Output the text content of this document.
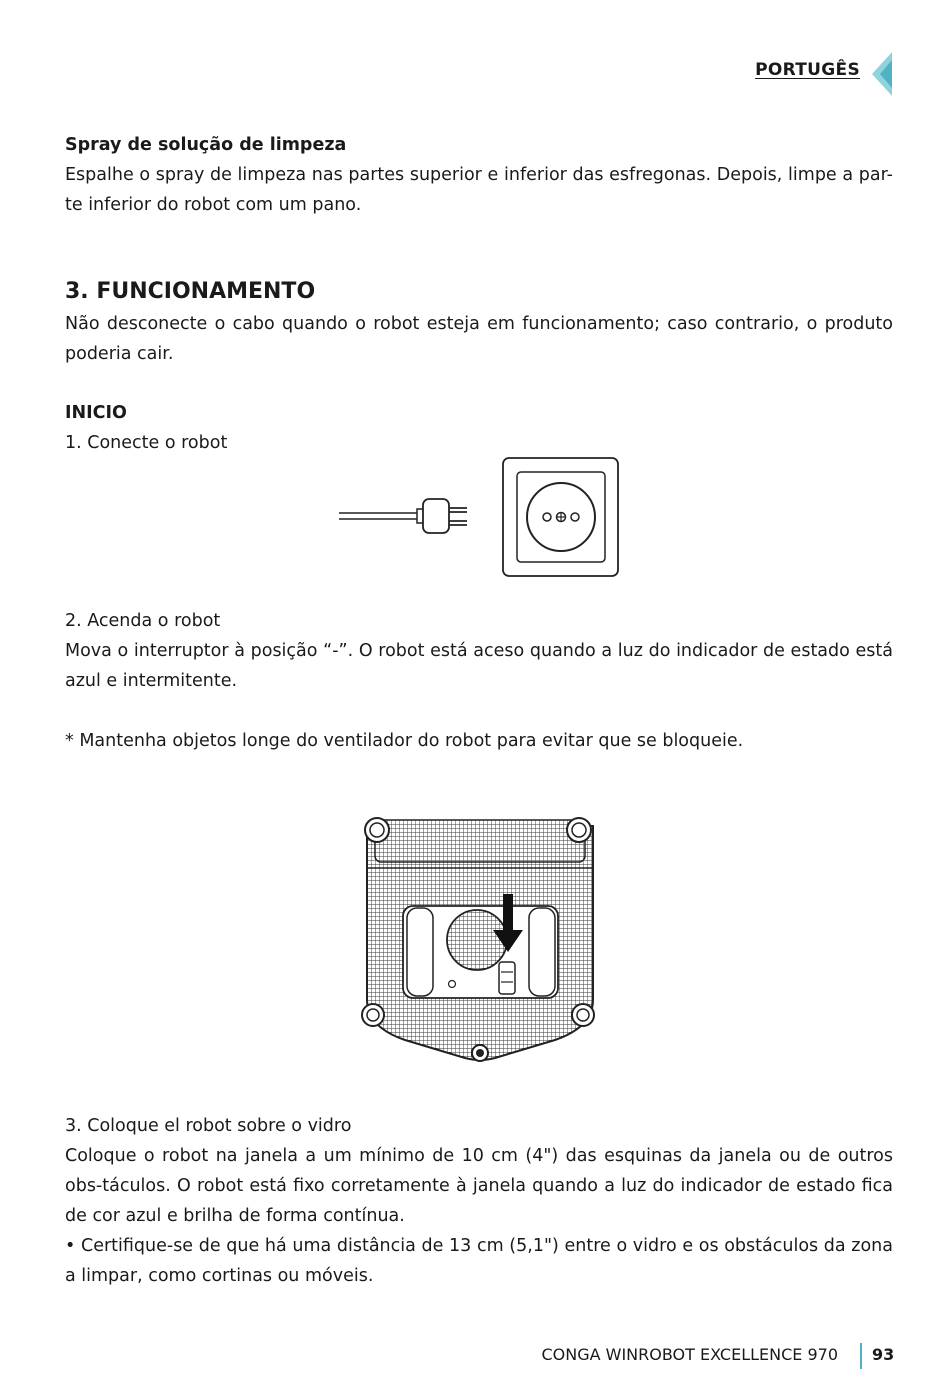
PORTUGÊS
Spray de solução de limpeza
Espalhe o spray de limpeza nas partes superior e inferior das esfregonas. Depois, limpe a par-te inferior do robot com um pano.
3. FUNCIONAMENTO
Não desconecte o cabo quando o robot esteja em funcionamento; caso contrario, o produto poderia cair.
INICIO
1. Conecte o robot
2. Acenda o robot
Mova o interruptor à posição “-”. O robot está aceso quando a luz do indicador de estado está azul e intermitente.
* Mantenha objetos longe do ventilador do robot para evitar que se bloqueie.
3. Coloque el robot sobre o vidro
Coloque o robot na janela a um mínimo de 10 cm (4") das esquinas da janela ou de outros obs-táculos. O robot está fixo corretamente à janela quando a luz do indicador de estado fica de cor azul e brilha de forma contínua.
• Certifique-se de que há uma distância de 13 cm (5,1") entre o vidro e os obstáculos da zona a limpar, como cortinas ou móveis.
CONGA WINROBOT EXCELLENCE 970 93
